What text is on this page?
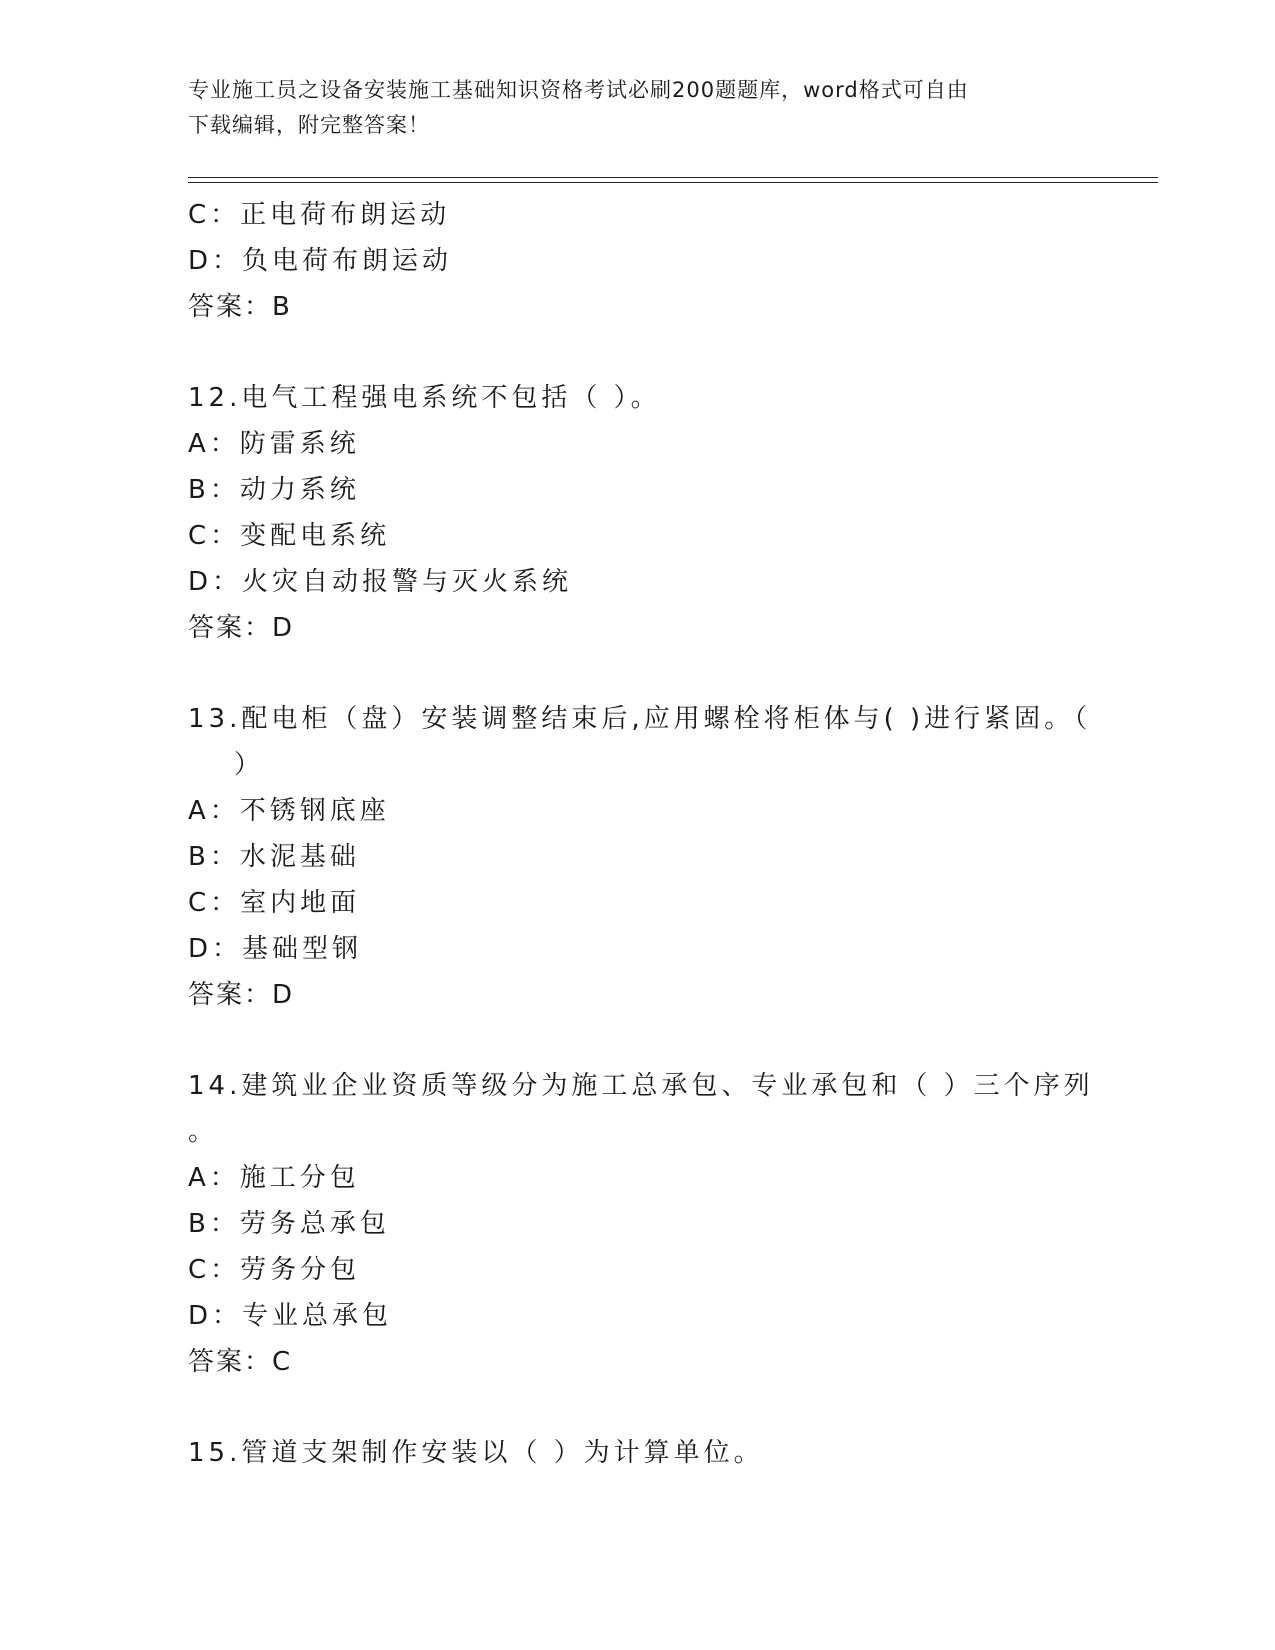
专业施工员之设备安装施工基础知识资格考试必刷200题题库，word格式可自由
下载编辑，附完整答案！
C：正电荷布朗运动
D：负电荷布朗运动
答案：B
12.电气工程强电系统不包括（ ）。
A：防雷系统
B：动力系统
C：变配电系统
D：火灾自动报警与灭火系统
答案：D
13.配电柜（盘）安装调整结束后,应用螺栓将柜体与( )进行紧固。（
）
A：不锈钢底座
B：水泥基础
C：室内地面
D：基础型钢
答案：D
14.建筑业企业资质等级分为施工总承包、专业承包和（ ）三个序列
。
A：施工分包
B：劳务总承包
C：劳务分包
D：专业总承包
答案：C
15.管道支架制作安装以（ ）为计算单位。
